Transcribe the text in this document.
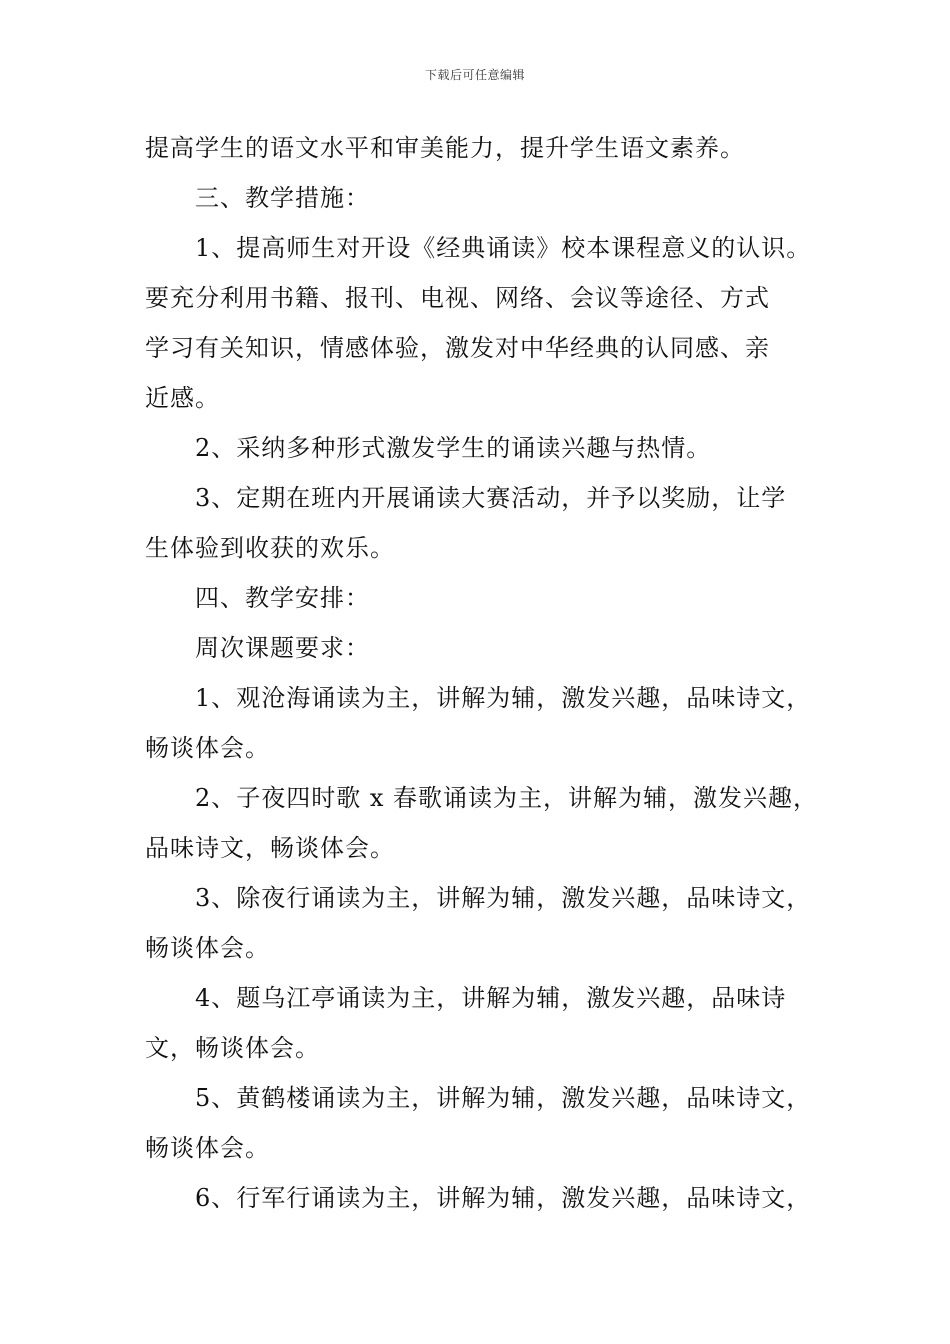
下载后可任意编辑

提高学生的语文水平和审美能力，提升学生语文素养。

三、教学措施：

1、提高师生对开设《经典诵读》校本课程意义的认识。

要充分利用书籍、报刊、电视、网络、会议等途径、方式

学习有关知识，情感体验，激发对中华经典的认同感、亲

近感。

2、采纳多种形式激发学生的诵读兴趣与热情。

3、定期在班内开展诵读大赛活动，并予以奖励，让学

生体验到收获的欢乐。

四、教学安排：

周次课题要求：

1、观沧海诵读为主，讲解为辅，激发兴趣，品味诗文，

畅谈体会。

2、子夜四时歌 x 春歌诵读为主，讲解为辅，激发兴趣，

品味诗文，畅谈体会。

3、除夜行诵读为主，讲解为辅，激发兴趣，品味诗文，

畅谈体会。

4、题乌江亭诵读为主，讲解为辅，激发兴趣，品味诗

文，畅谈体会。

5、黄鹤楼诵读为主，讲解为辅，激发兴趣，品味诗文，

畅谈体会。

6、行军行诵读为主，讲解为辅，激发兴趣，品味诗文，
